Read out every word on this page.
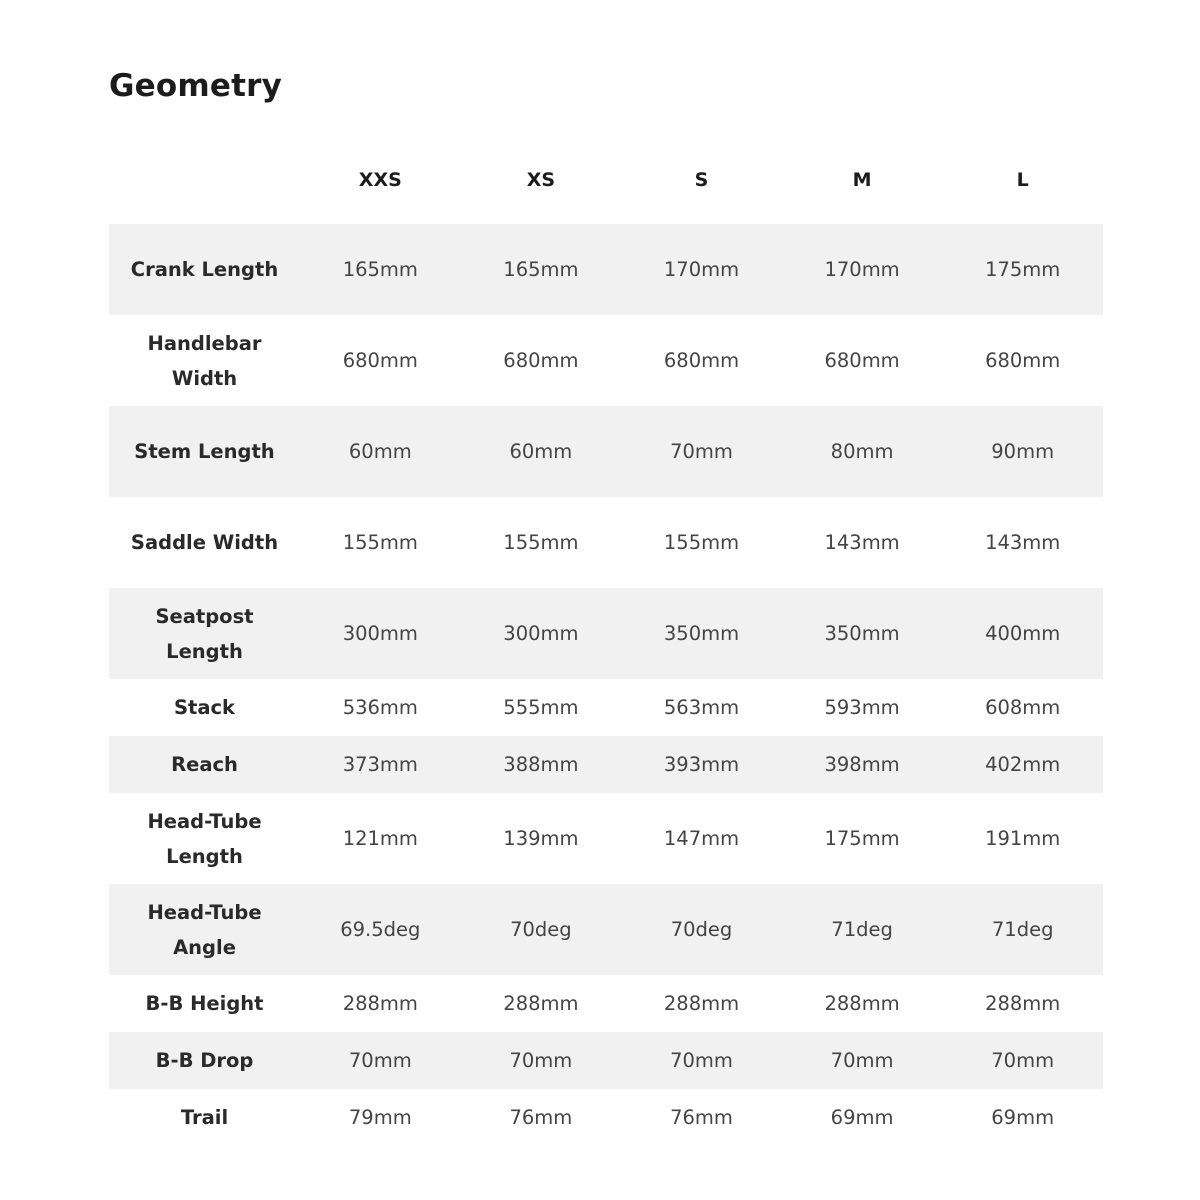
Geometry
	XXS	XS	S	M	L
Crank Length	165mm	165mm	170mm	170mm	175mm
Handlebar Width	680mm	680mm	680mm	680mm	680mm
Stem Length	60mm	60mm	70mm	80mm	90mm
Saddle Width	155mm	155mm	155mm	143mm	143mm
Seatpost Length	300mm	300mm	350mm	350mm	400mm
Stack	536mm	555mm	563mm	593mm	608mm
Reach	373mm	388mm	393mm	398mm	402mm
Head-Tube Length	121mm	139mm	147mm	175mm	191mm
Head-Tube Angle	69.5deg	70deg	70deg	71deg	71deg
B-B Height	288mm	288mm	288mm	288mm	288mm
B-B Drop	70mm	70mm	70mm	70mm	70mm
Trail	79mm	76mm	76mm	69mm	69mm
